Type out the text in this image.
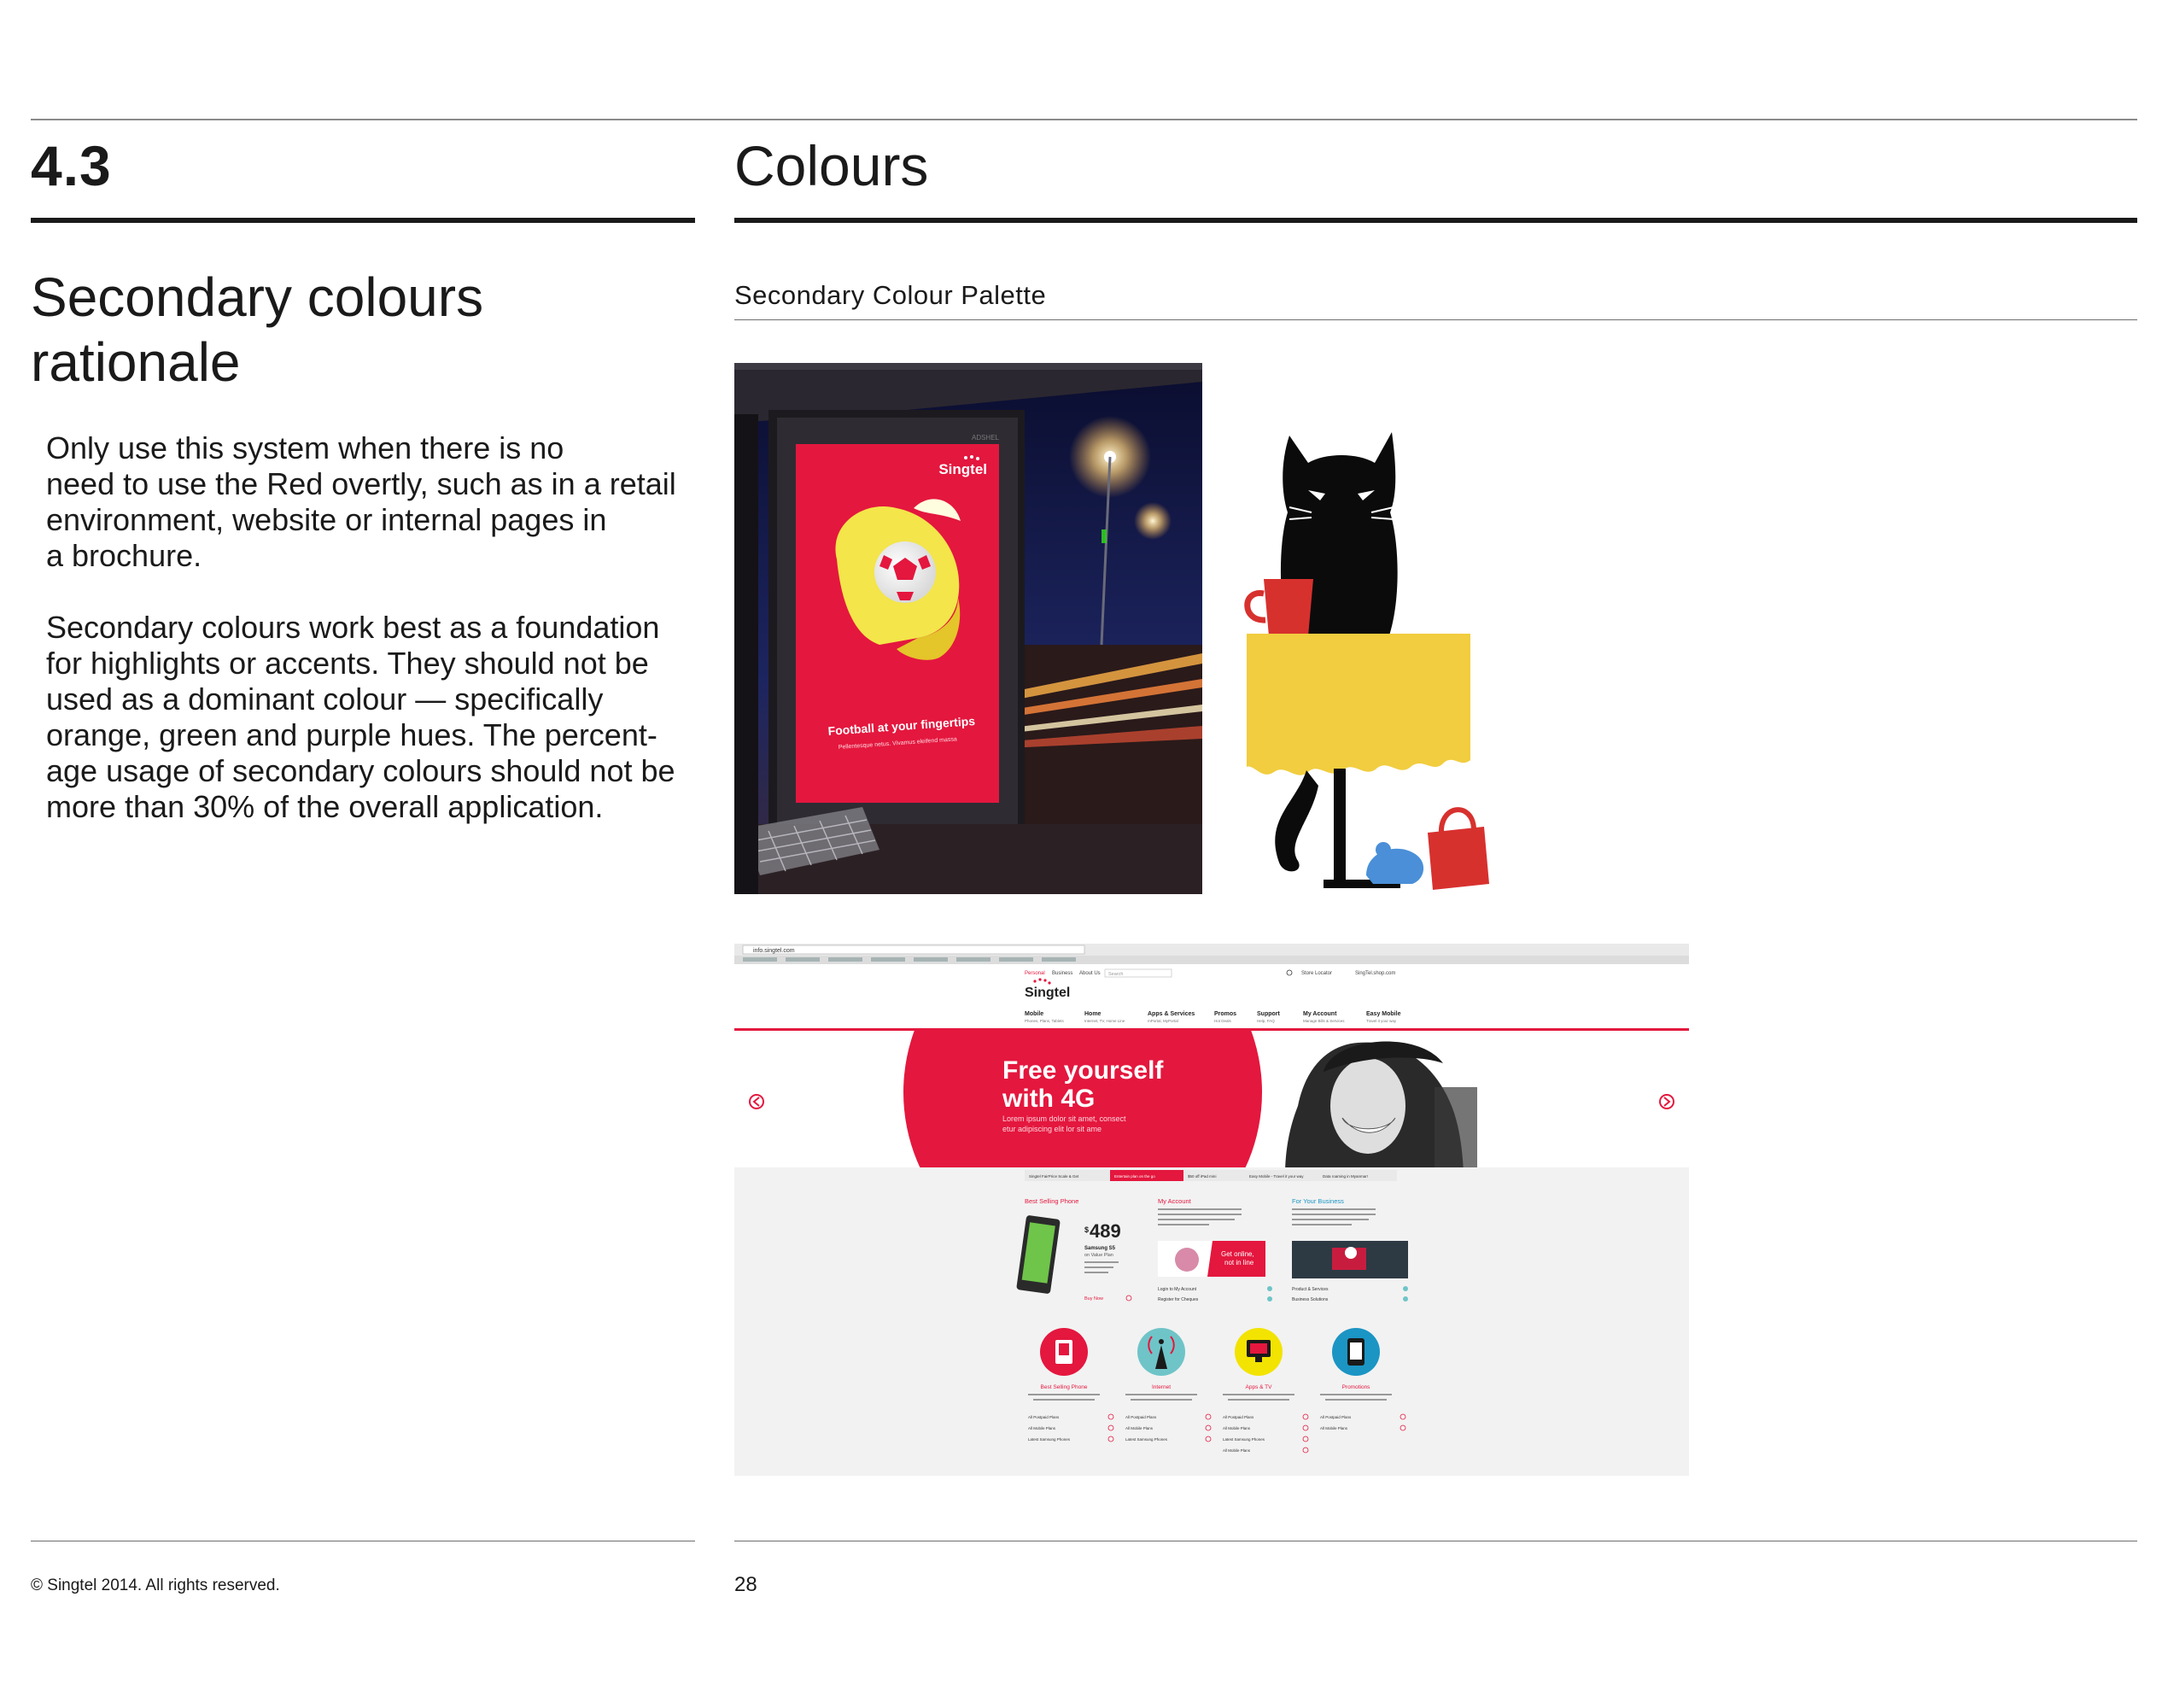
4.3	Colours
Secondary colours
rationale

Only use this system when there is no
need to use the Red overtly, such as in a retail
environment, website or internal pages in
a brochure.

Secondary colours work best as a foundation
for highlights or accents. They should not be
used as a dominant colour — specifically
orange, green and purple hues. The percent-
age usage of secondary colours should not be
more than 30% of the overall application.

Secondary Colour Palette
Singtel
Football at your fingertips
Pellentesque netus. Vivamus eleifend massa
ADSHEL
info.singtel.com
Personal Business About Us Search	Store Locator	SingTel.shop.com
Singtel
Mobile	Home	Apps & Services	Promos	Support	My Account	Easy Mobile
Phones, Plans, Tablets	Internet, TV, Home Line	mPortal, MyPortal	Hot Deals	Help, FAQ	Manage Bills & Services	Travel it your way
Free yourself
with 4G
Lorem ipsum dolor sit amet, consect
etur adipiscing elit lor sit ame
Singtel FairPrice Scale & Get	Entertain plan on the go	$50 off iPad mini	Easy Mobile - Travel it your way	Data roaming in Myanmar!
Best Selling Phone
$ 489
Samsung S5
on Value Plan
Buy Now
My Account
Get online,
not in line
Login to My Account
Register for Cheques
For Your Business
Product & Services
Business Solutions
Best Selling Phone
All Postpaid Plans
All Mobile Plans
Latest Samsung Phones
Internet
All Postpaid Plans
All Mobile Plans
Latest Samsung Phones
Apps & TV
All Postpaid Plans
All Mobile Plans
Latest Samsung Phones
All Mobile Plans
Promotions
All Postpaid Plans
All Mobile Plans
© Singtel 2014. All rights reserved.	28
